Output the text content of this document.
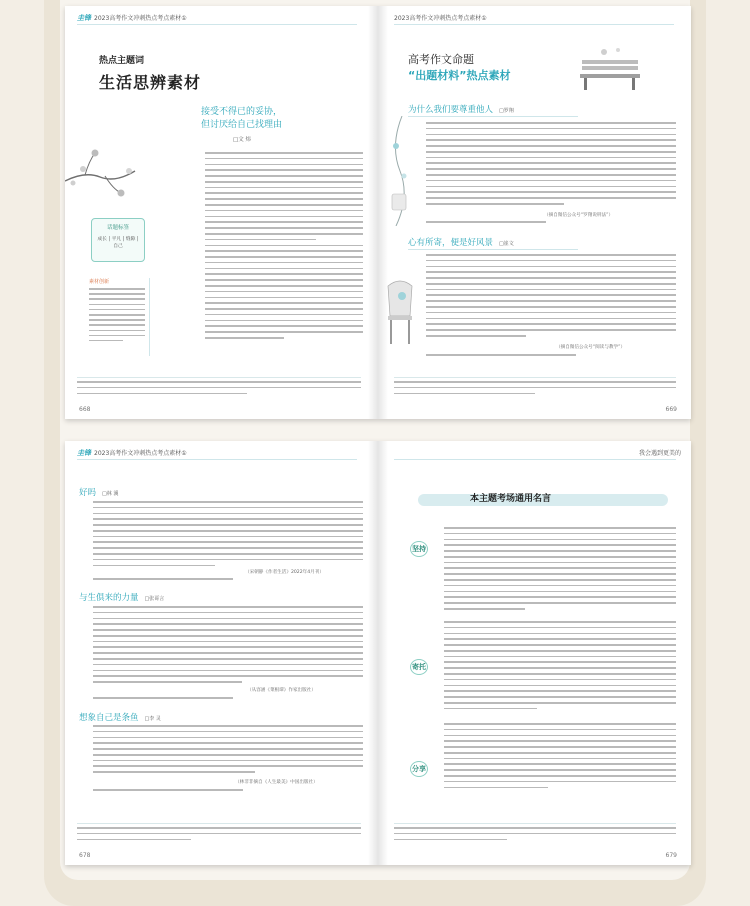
圭锋 2023高考作文冲刺热点考点素材①
热点主题词
生活思辨素材
接受不得已的妥协，
但讨厌给自己找理由
□文 炜
话题标签
成长 | 平凡 | 缝隙 | 自己
素材创新
668
2023高考作文冲刺热点考点素材①
高考作文命题
“出题材料”热点素材
为什么我们要尊重他人 □罗翔
（摘自微信公众号“罗翔说刑法”）
心有所寄，便是好风景 □崔文
（摘自微信公众号“阅读与教学”）
669
圭锋 2023高考作文冲刺热点考点素材①
好吗 □林 溪
（宋朝静《作者生活》2022年4月刊）
与生俱来的力量 □张哥言
（从容涵《菜根谭》作家出版社）
想象自己是条鱼 □李 灵
（林非非摘自《人生最美》中国出版社）
678
我会遇到更美的
本主题考场通用名言
坚持
寄托
分享
679
